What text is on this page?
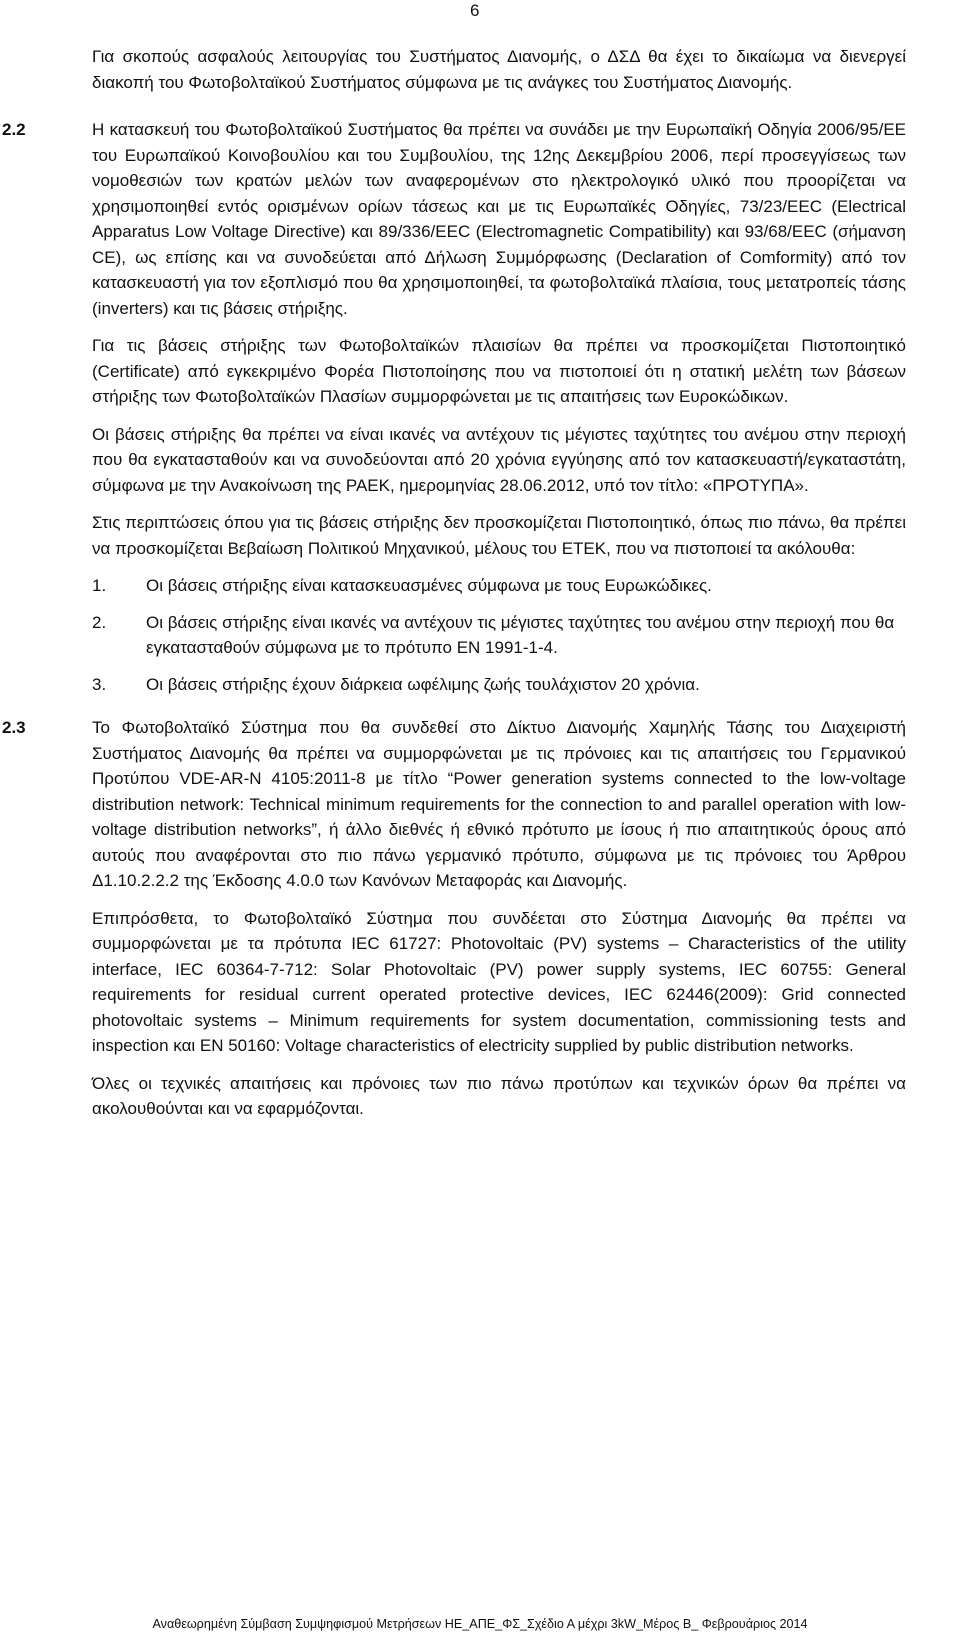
6

Για σκοπούς ασφαλούς λειτουργίας του Συστήματος Διανομής, ο ΔΣΔ θα έχει το δικαίωμα να διενεργεί διακοπή του Φωτοβολταϊκού Συστήματος σύμφωνα με τις ανάγκες του Συστήματος Διανομής.

2.2	Η κατασκευή του Φωτοβολταϊκού Συστήματος θα πρέπει να συνάδει με την Ευρωπαϊκή Οδηγία 2006/95/ΕΕ του Ευρωπαϊκού Κοινοβουλίου και του Συμβουλίου, της 12ης Δεκεμβρίου 2006, περί προσεγγίσεως των νομοθεσιών των κρατών μελών των αναφερομένων στο ηλεκτρολογικό υλικό που προορίζεται να χρησιμοποιηθεί εντός ορισμένων ορίων τάσεως και με τις Ευρωπαϊκές Οδηγίες, 73/23/EEC (Electrical Apparatus Low Voltage Directive) και 89/336/EEC (Electromagnetic Compatibility) και 93/68/EEC (σήμανση CE), ως επίσης και να συνοδεύεται από Δήλωση Συμμόρφωσης (Declaration of Comformity) από τον κατασκευαστή για τον εξοπλισμό που θα χρησιμοποιηθεί, τα φωτοβολταϊκά πλαίσια, τους μετατροπείς τάσης (inverters) και τις βάσεις στήριξης.

Για τις βάσεις στήριξης των Φωτοβολταϊκών πλαισίων θα πρέπει να προσκομίζεται Πιστοποιητικό (Certificate) από εγκεκριμένο Φορέα Πιστοποίησης που να πιστοποιεί ότι η στατική μελέτη των βάσεων στήριξης των Φωτοβολταϊκών Πλασίων συμμορφώνεται με τις απαιτήσεις των Ευροκώδικων.

Οι βάσεις στήριξης θα πρέπει να είναι ικανές να αντέχουν τις μέγιστες ταχύτητες του ανέμου στην περιοχή που θα εγκατασταθούν και να συνοδεύονται από 20 χρόνια εγγύησης από τον κατασκευαστή/εγκαταστάτη, σύμφωνα με την Ανακοίνωση της ΡΑΕΚ, ημερομηνίας 28.06.2012, υπό τον τίτλο: «ΠΡΟΤΥΠΑ».

Στις περιπτώσεις όπου για τις βάσεις στήριξης δεν προσκομίζεται Πιστοποιητικό, όπως πιο πάνω, θα πρέπει να προσκομίζεται Βεβαίωση Πολιτικού Μηχανικού, μέλους του ΕΤΕΚ, που να πιστοποιεί τα ακόλουθα:

1.	Οι βάσεις στήριξης είναι κατασκευασμένες σύμφωνα με τους Ευρωκώδικες.
2.	Οι βάσεις στήριξης είναι ικανές να αντέχουν τις μέγιστες ταχύτητες του ανέμου στην περιοχή που θα εγκατασταθούν σύμφωνα με το πρότυπο EN 1991-1-4.
3.	Οι βάσεις στήριξης έχουν διάρκεια ωφέλιμης ζωής τουλάχιστον 20 χρόνια.
2.3	Το Φωτοβολταϊκό Σύστημα που θα συνδεθεί στο Δίκτυο Διανομής Χαμηλής Τάσης του Διαχειριστή Συστήματος Διανομής θα πρέπει να συμμορφώνεται με τις πρόνοιες και τις απαιτήσεις του Γερμανικού Προτύπου VDE-AR-N 4105:2011-8 με τίτλο “Power generation systems connected to the low-voltage distribution network: Technical minimum requirements for the connection to and parallel operation with low-voltage distribution networks”, ή άλλο διεθνές ή εθνικό πρότυπο με ίσους ή πιο απαιτητικούς όρους από αυτούς που αναφέρονται στο πιο πάνω γερμανικό πρότυπο, σύμφωνα με τις πρόνοιες του Άρθρου Δ1.10.2.2.2 της Έκδοσης 4.0.0 των Κανόνων Μεταφοράς και Διανομής.

Επιπρόσθετα, το Φωτοβολταϊκό Σύστημα που συνδέεται στο Σύστημα Διανομής θα πρέπει να συμμορφώνεται με τα πρότυπα IEC 61727: Photovoltaic (PV) systems – Characteristics of the utility interface, IEC 60364-7-712: Solar Photovoltaic (PV) power supply systems, IEC 60755: General requirements for residual current operated protective devices, IEC 62446(2009): Grid connected photovoltaic systems – Minimum requirements for system documentation, commissioning tests and inspection και EN 50160: Voltage characteristics of electricity supplied by public distribution networks.

Όλες οι τεχνικές απαιτήσεις και πρόνοιες των πιο πάνω προτύπων και τεχνικών όρων θα πρέπει να ακολουθούνται και να εφαρμόζονται.

Αναθεωρημένη Σύμβαση Συμψηφισμού Μετρήσεων ΗΕ_ΑΠΕ_ΦΣ_Σχέδιο Α μέχρι 3kW_Μέρος Β_ Φεβρουάριος 2014
